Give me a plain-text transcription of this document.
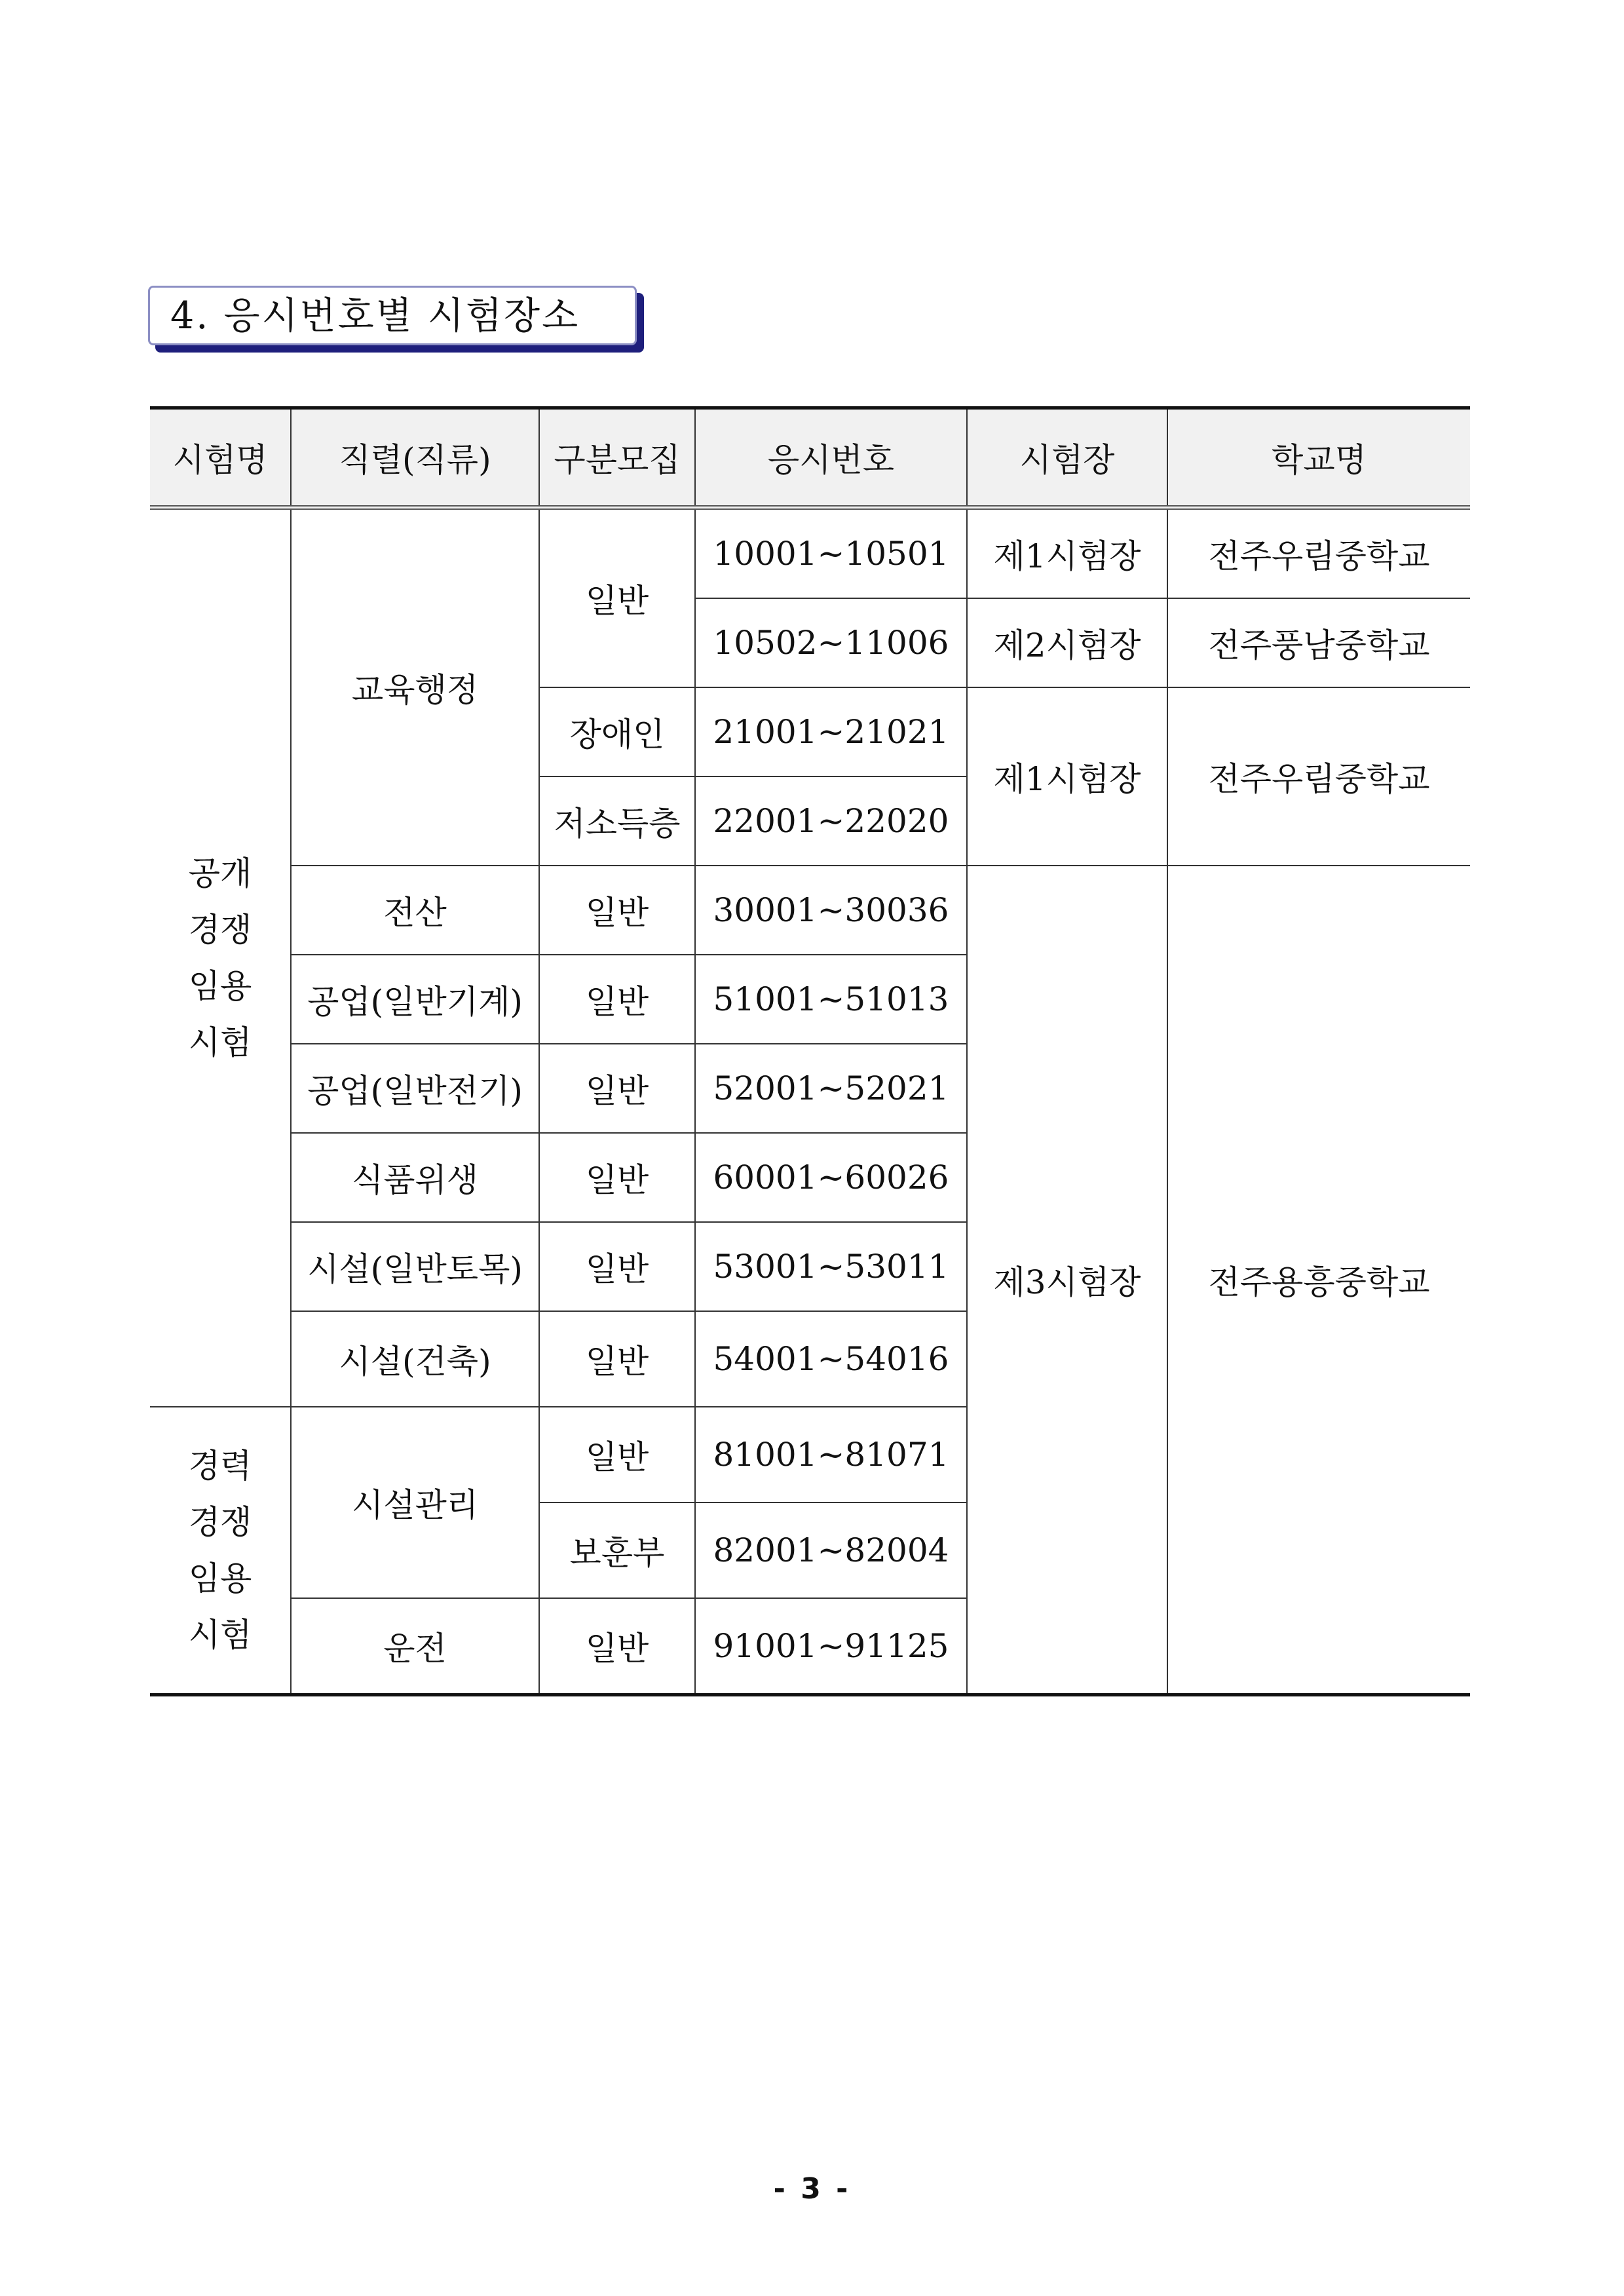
4. 응시번호별 시험장소
시험명	직렬(직류)	구분모집	응시번호	시험장	학교명

공개
경쟁
임용
시험	교육행정	일반	10001~10501	제1시험장	전주우림중학교
			10502~11006	제2시험장	전주풍남중학교
		장애인	21001~21021	제1시험장	전주우림중학교
		저소득층	22001~22020		
	전산	일반	30001~30036	제3시험장	전주용흥중학교
	공업(일반기계)	일반	51001~51013		
	공업(일반전기)	일반	52001~52021		
	식품위생	일반	60001~60026		
	시설(일반토목)	일반	53001~53011		
	시설(건축)	일반	54001~54016		

경력
경쟁
임용
시험	시설관리	일반	81001~81071		
		보훈부	82001~82004		
	운전	일반	91001~91125		
- 3 -
